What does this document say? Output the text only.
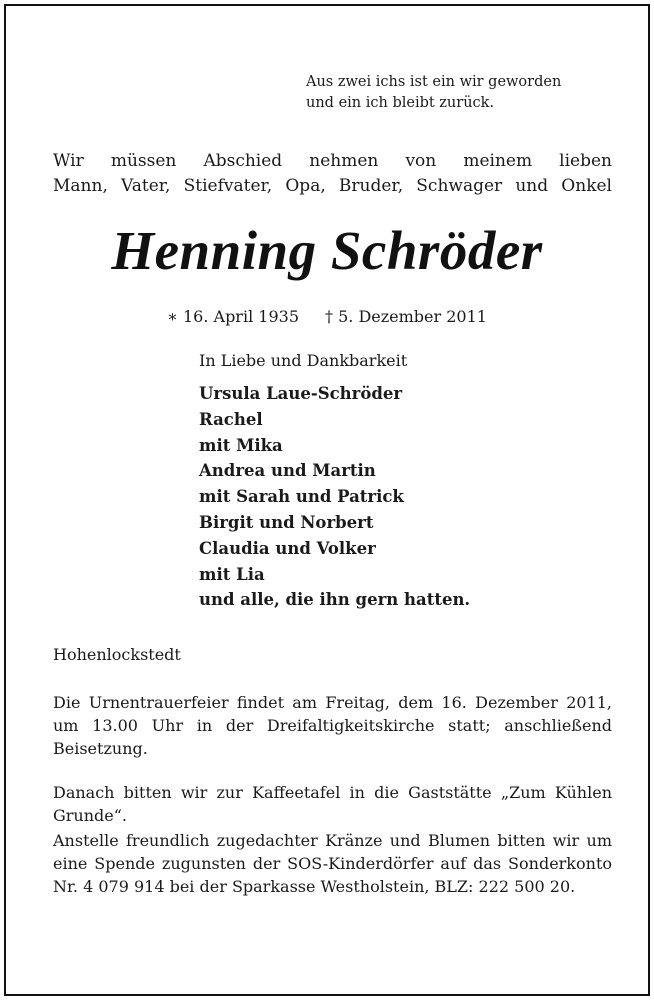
Aus zwei ichs ist ein wir geworden
und ein ich bleibt zurück.
Wir müssen Abschied nehmen von meinem lieben
Mann, Vater, Stiefvater, Opa, Bruder, Schwager und Onkel
Henning Schröder
∗ 16. April 1935 † 5. Dezember 2011
In Liebe und Dankbarkeit
Ursula Laue-Schröder
Rachel
mit Mika
Andrea und Martin
mit Sarah und Patrick
Birgit und Norbert
Claudia und Volker
mit Lia
und alle, die ihn gern hatten.
Hohenlockstedt
Die Urnentrauerfeier findet am Freitag, dem 16. Dezember 2011, um 13.00 Uhr in der Dreifaltigkeitskirche statt; anschließend Beisetzung.
Danach bitten wir zur Kaffeetafel in die Gaststätte „Zum Kühlen Grunde“.
Anstelle freundlich zugedachter Kränze und Blumen bitten wir um eine Spende zugunsten der SOS-Kinderdörfer auf das Sonderkonto Nr. 4 079 914 bei der Sparkasse Westholstein, BLZ: 222 500 20.
